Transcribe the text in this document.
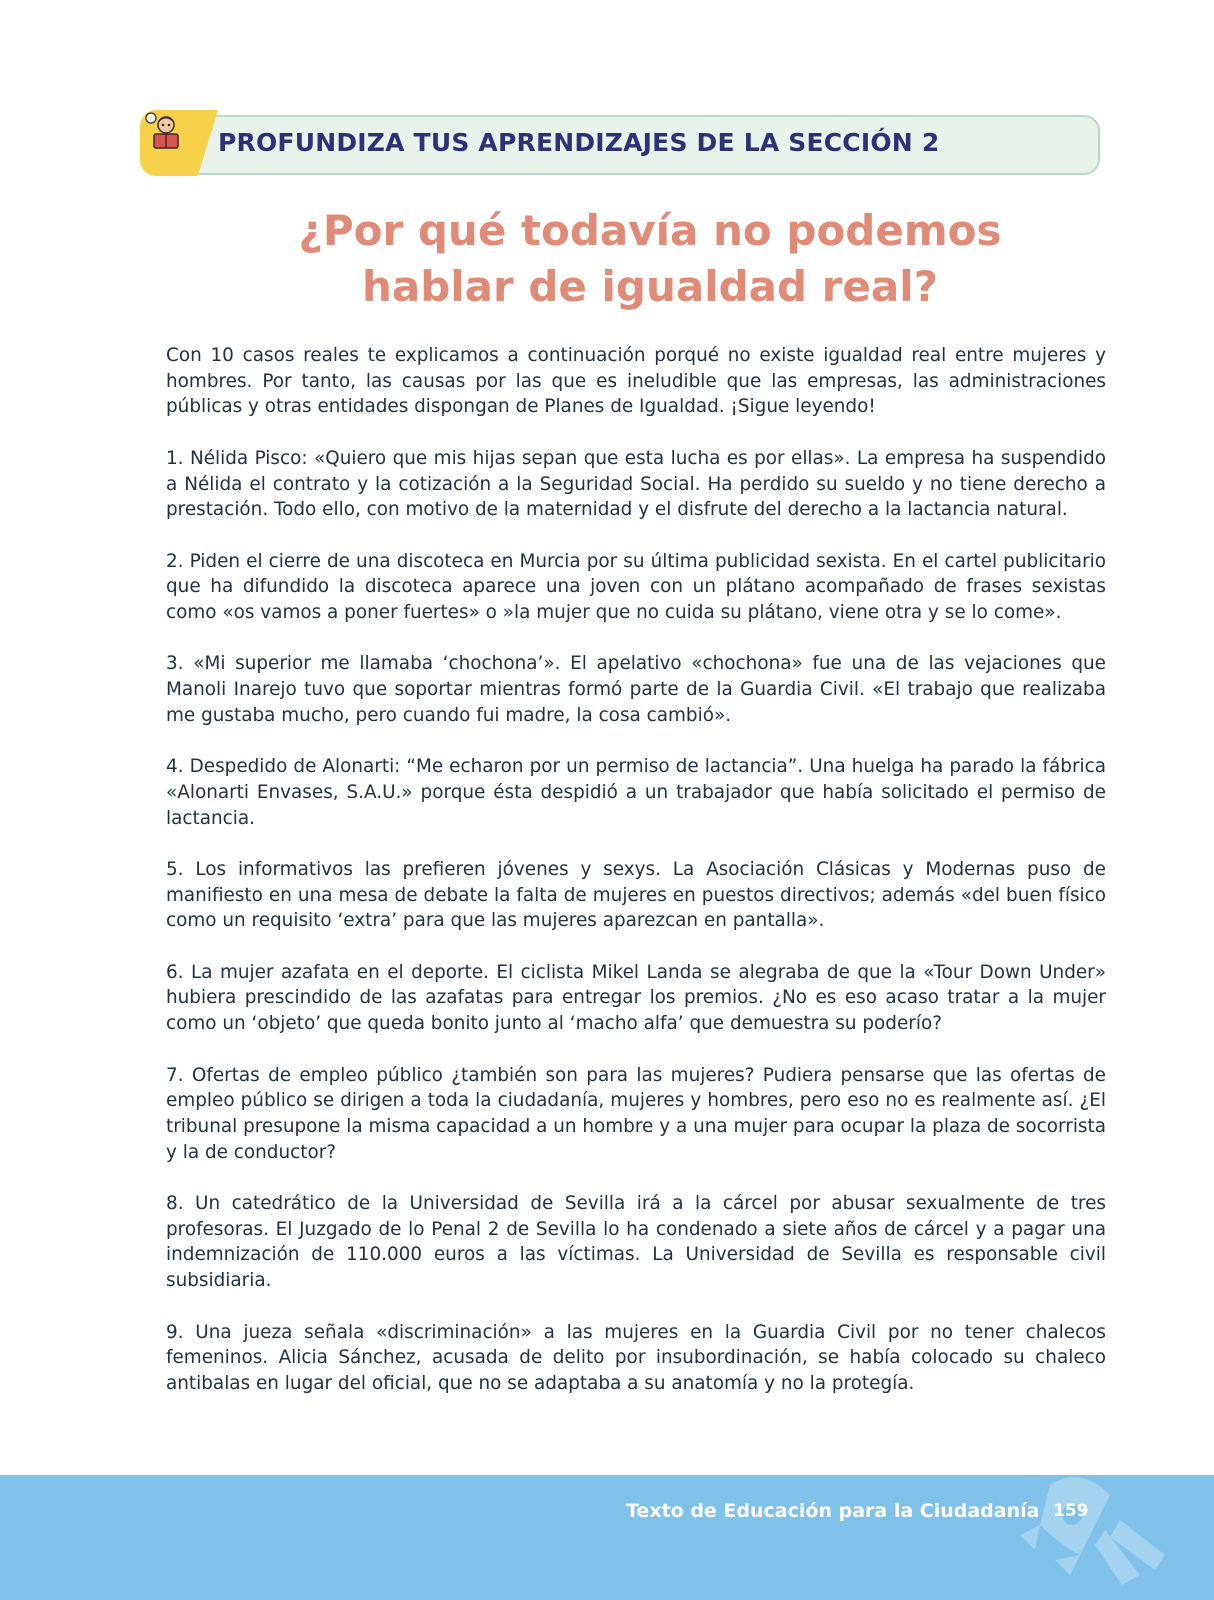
PROFUNDIZA TUS APRENDIZAJES DE LA SECCIÓN 2
¿Por qué todavía no podemos
hablar de igualdad real?

Con 10 casos reales te explicamos a continuación porqué no existe igualdad real entre mujeres y hombres. Por tanto, las causas por las que es ineludible que las empresas, las administraciones públicas y otras entidades dispongan de Planes de Igualdad. ¡Sigue leyendo!

1. Nélida Pisco: «Quiero que mis hijas sepan que esta lucha es por ellas». La empresa ha suspendido a Nélida el contrato y la cotización a la Seguridad Social. Ha perdido su sueldo y no tiene derecho a prestación. Todo ello, con motivo de la maternidad y el disfrute del derecho a la lactancia natural.

2. Piden el cierre de una discoteca en Murcia por su última publicidad sexista. En el cartel publicitario que ha difundido la discoteca aparece una joven con un plátano acompañado de frases sexistas como «os vamos a poner fuertes» o »la mujer que no cuida su plátano, viene otra y se lo come».

3. «Mi superior me llamaba ‘chochona’». El apelativo «chochona» fue una de las vejaciones que Manoli Inarejo tuvo que soportar mientras formó parte de la Guardia Civil. «El trabajo que realizaba me gustaba mucho, pero cuando fui madre, la cosa cambió».

4. Despedido de Alonarti: “Me echaron por un permiso de lactancia”. Una huelga ha parado la fábrica «Alonarti Envases, S.A.U.» porque ésta despidió a un trabajador que había solicitado el permiso de lactancia.

5. Los informativos las prefieren jóvenes y sexys. La Asociación Clásicas y Modernas puso de manifiesto en una mesa de debate la falta de mujeres en puestos directivos; además «del buen físico como un requisito ‘extra’ para que las mujeres aparezcan en pantalla».

6. La mujer azafata en el deporte. El ciclista Mikel Landa se alegraba de que la «Tour Down Under» hubiera prescindido de las azafatas para entregar los premios. ¿No es eso acaso tratar a la mujer como un ‘objeto’ que queda bonito junto al ‘macho alfa’ que demuestra su poderío?

7. Ofertas de empleo público ¿también son para las mujeres? Pudiera pensarse que las ofertas de empleo público se dirigen a toda la ciudadanía, mujeres y hombres, pero eso no es realmente así. ¿El tribunal presupone la misma capacidad a un hombre y a una mujer para ocupar la plaza de socorrista y la de conductor?

8. Un catedrático de la Universidad de Sevilla irá a la cárcel por abusar sexualmente de tres profesoras. El Juzgado de lo Penal 2 de Sevilla lo ha condenado a siete años de cárcel y a pagar una indemnización de 110.000 euros a las víctimas. La Universidad de Sevilla es responsable civil subsidiaria.

9. Una jueza señala «discriminación» a las mujeres en la Guardia Civil por no tener chalecos femeninos. Alicia Sánchez, acusada de delito por insubordinación, se había colocado su chaleco antibalas en lugar del oficial, que no se adaptaba a su anatomía y no la protegía.

Texto de Educación para la Ciudadanía 159
